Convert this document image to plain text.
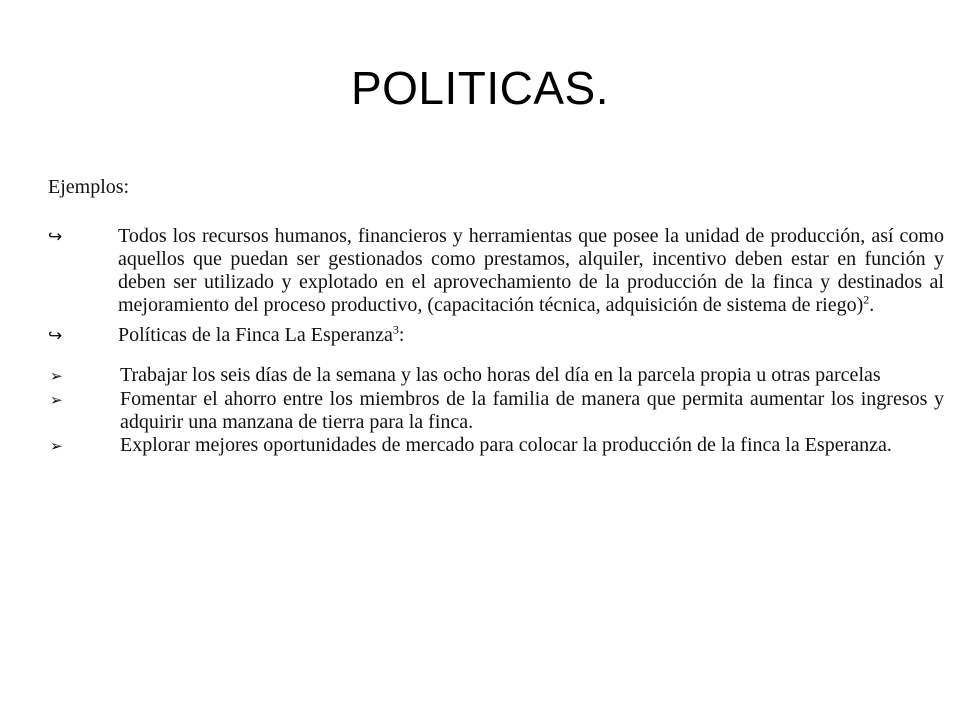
POLITICAS.
Ejemplos:
↪	Todos los recursos humanos, financieros y herramientas que posee la unidad de producción, así como aquellos que puedan ser gestionados como prestamos, alquiler, incentivo deben estar en función y deben ser utilizado y explotado en el aprovechamiento de la producción de la finca y destinados al mejoramiento del proceso productivo, (capacitación técnica, adquisición de sistema de riego)$^2$.
↪	Políticas de la Finca La Esperanza$^3$:
➢	Trabajar los seis días de la semana y las ocho horas del día en la parcela propia u otras parcelas
➢	Fomentar el ahorro entre los miembros de la familia de manera que permita aumentar los ingresos y adquirir una manzana de tierra para la finca.
➢	Explorar mejores oportunidades de mercado para colocar la producción de la finca la Esperanza.
